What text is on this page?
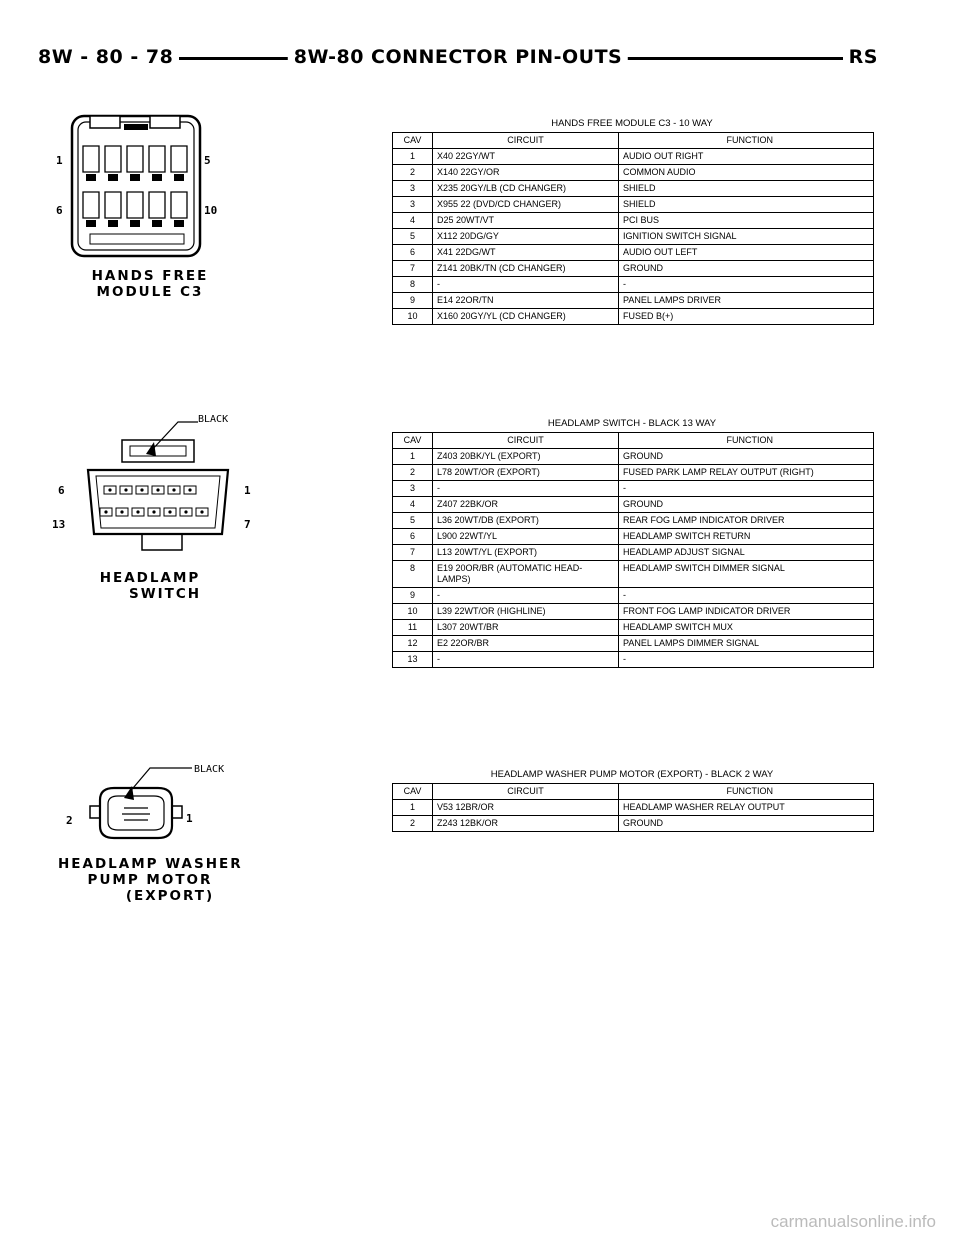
8W - 80 - 78	8W-80 CONNECTOR PIN-OUTS	RS
1	5
6	10
HANDS FREE
MODULE C3
HANDS FREE MODULE C3 - 10 WAY
CAV	CIRCUIT	FUNCTION
1	X40 22GY/WT	AUDIO OUT RIGHT
2	X140 22GY/OR	COMMON AUDIO
3	X235 20GY/LB (CD CHANGER)	SHIELD
3	X955 22 (DVD/CD CHANGER)	SHIELD
4	D25 20WT/VT	PCI BUS
5	X112 20DG/GY	IGNITION SWITCH SIGNAL
6	X41 22DG/WT	AUDIO OUT LEFT
7	Z141 20BK/TN (CD CHANGER)	GROUND
8	-	-
9	E14 22OR/TN	PANEL LAMPS DRIVER
10	X160 20GY/YL (CD CHANGER)	FUSED B(+)
BLACK
6	1
13	7
HEADLAMP
SWITCH
HEADLAMP SWITCH - BLACK 13 WAY
CAV	CIRCUIT	FUNCTION
1	Z403 20BK/YL (EXPORT)	GROUND
2	L78 20WT/OR (EXPORT)	FUSED PARK LAMP RELAY OUTPUT (RIGHT)
3	-	-
4	Z407 22BK/OR	GROUND
5	L36 20WT/DB (EXPORT)	REAR FOG LAMP INDICATOR DRIVER
6	L900 22WT/YL	HEADLAMP SWITCH RETURN
7	L13 20WT/YL (EXPORT)	HEADLAMP ADJUST SIGNAL
8	E19 20OR/BR (AUTOMATIC HEAD-LAMPS)	HEADLAMP SWITCH DIMMER SIGNAL
9	-	-
10	L39 22WT/OR (HIGHLINE)	FRONT FOG LAMP INDICATOR DRIVER
11	L307 20WT/BR	HEADLAMP SWITCH MUX
12	E2 22OR/BR	PANEL LAMPS DIMMER SIGNAL
13	-	-
BLACK
2	1
HEADLAMP WASHER
PUMP MOTOR
(EXPORT)
HEADLAMP WASHER PUMP MOTOR (EXPORT) - BLACK 2 WAY
CAV	CIRCUIT	FUNCTION
1	V53 12BR/OR	HEADLAMP WASHER RELAY OUTPUT
2	Z243 12BK/OR	GROUND
carmanualsonline.info
